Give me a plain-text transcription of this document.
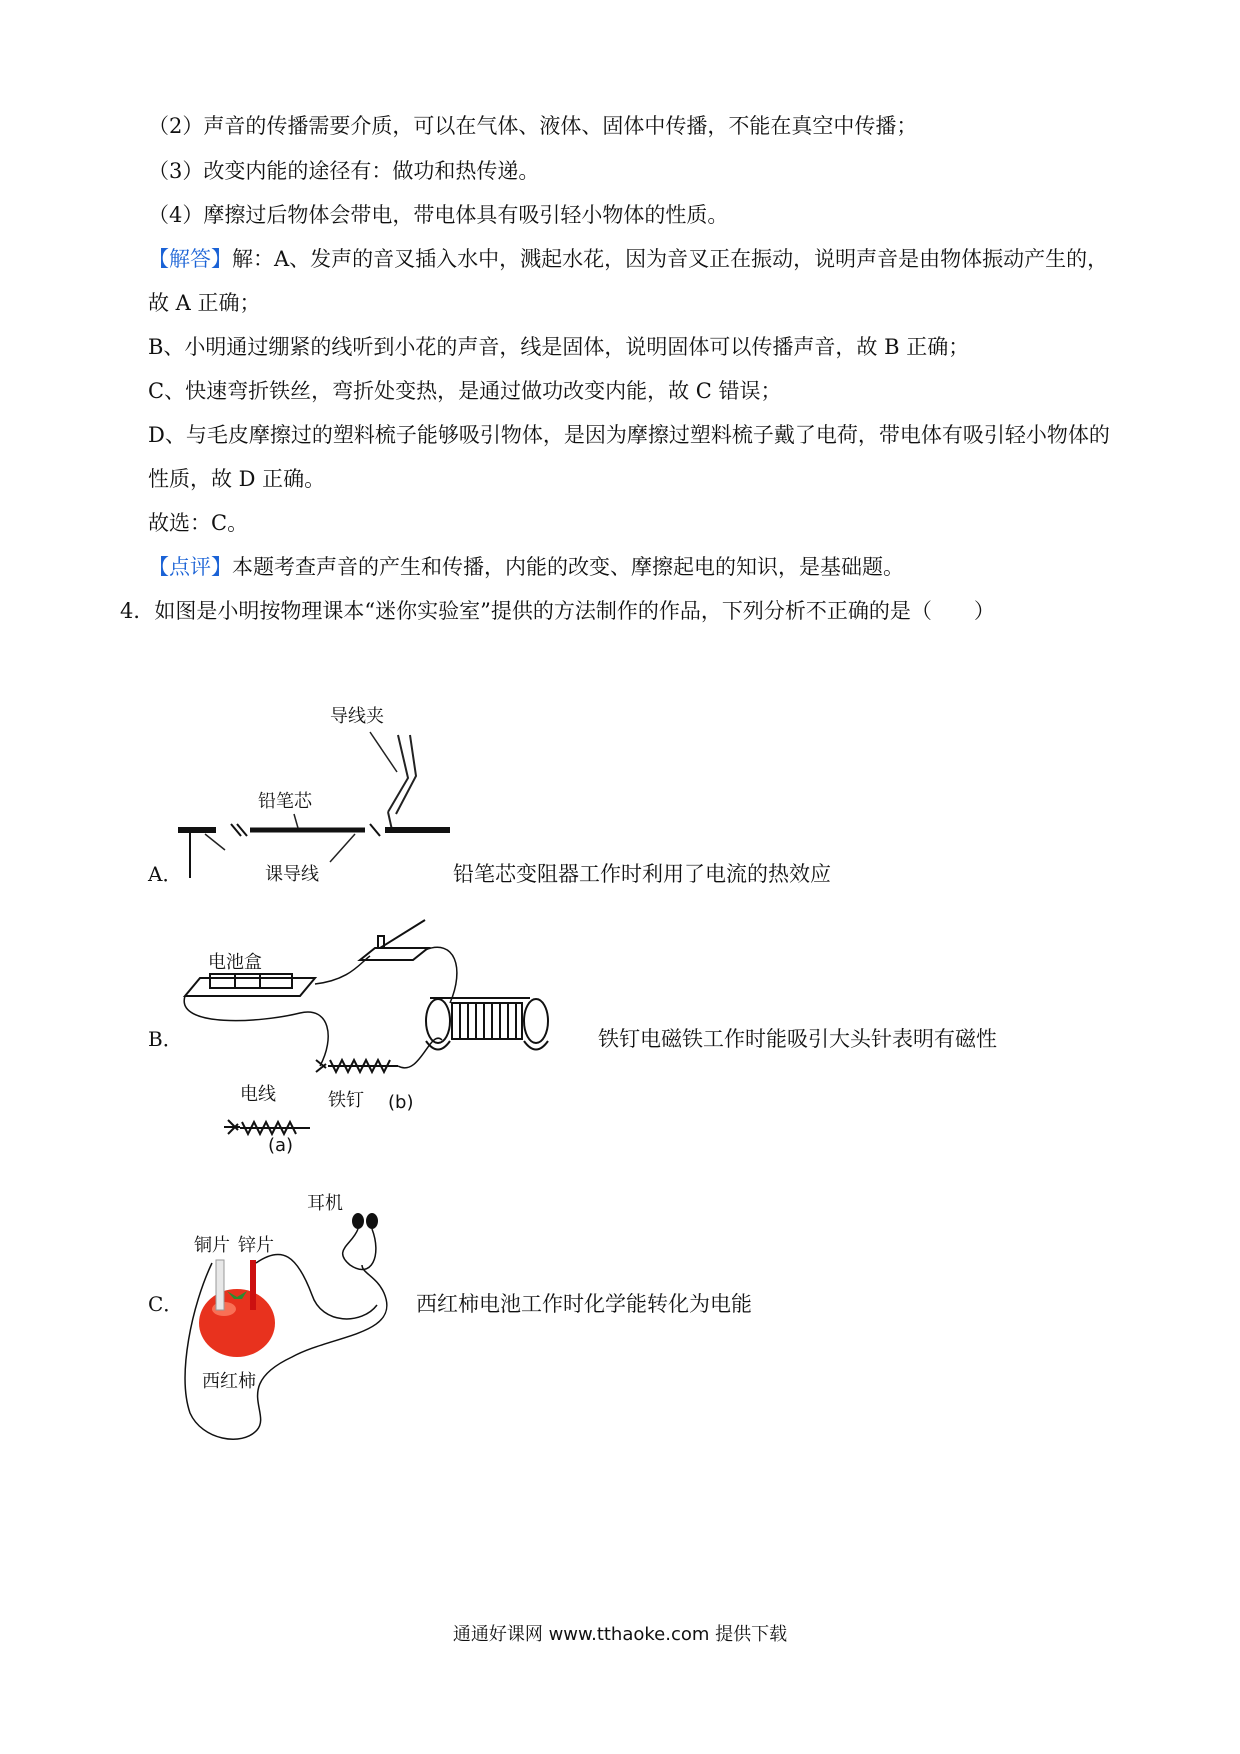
（2）声音的传播需要介质，可以在气体、液体、固体中传播，不能在真空中传播；
（3）改变内能的途径有：做功和热传递。
（4）摩擦过后物体会带电，带电体具有吸引轻小物体的性质。
【解答】解：A、发声的音叉插入水中，溅起水花，因为音叉正在振动，说明声音是由物体振动产生的，
故 A 正确；
B、小明通过绷紧的线听到小花的声音，线是固体，说明固体可以传播声音，故 B 正确；
C、快速弯折铁丝，弯折处变热，是通过做功改变内能，故 C 错误；
D、与毛皮摩擦过的塑料梳子能够吸引物体，是因为摩擦过塑料梳子戴了电荷，带电体有吸引轻小物体的
性质，故 D 正确。
故选：C。
【点评】本题考查声音的产生和传播，内能的改变、摩擦起电的知识，是基础题。
4．如图是小明按物理课本“迷你实验室”提供的方法制作的作品，下列分析不正确的是（　　）
导线夹
铅笔芯
课导线
A．	铅笔芯变阻器工作时利用了电流的热效应
电池盒
电线	铁钉 (b)
(a)
B．	铁钉电磁铁工作时能吸引大头针表明有磁性
耳机
铜片 锌片
西红柿
C．	西红柿电池工作时化学能转化为电能
通通好课网 www.tthaoke.com 提供下载
